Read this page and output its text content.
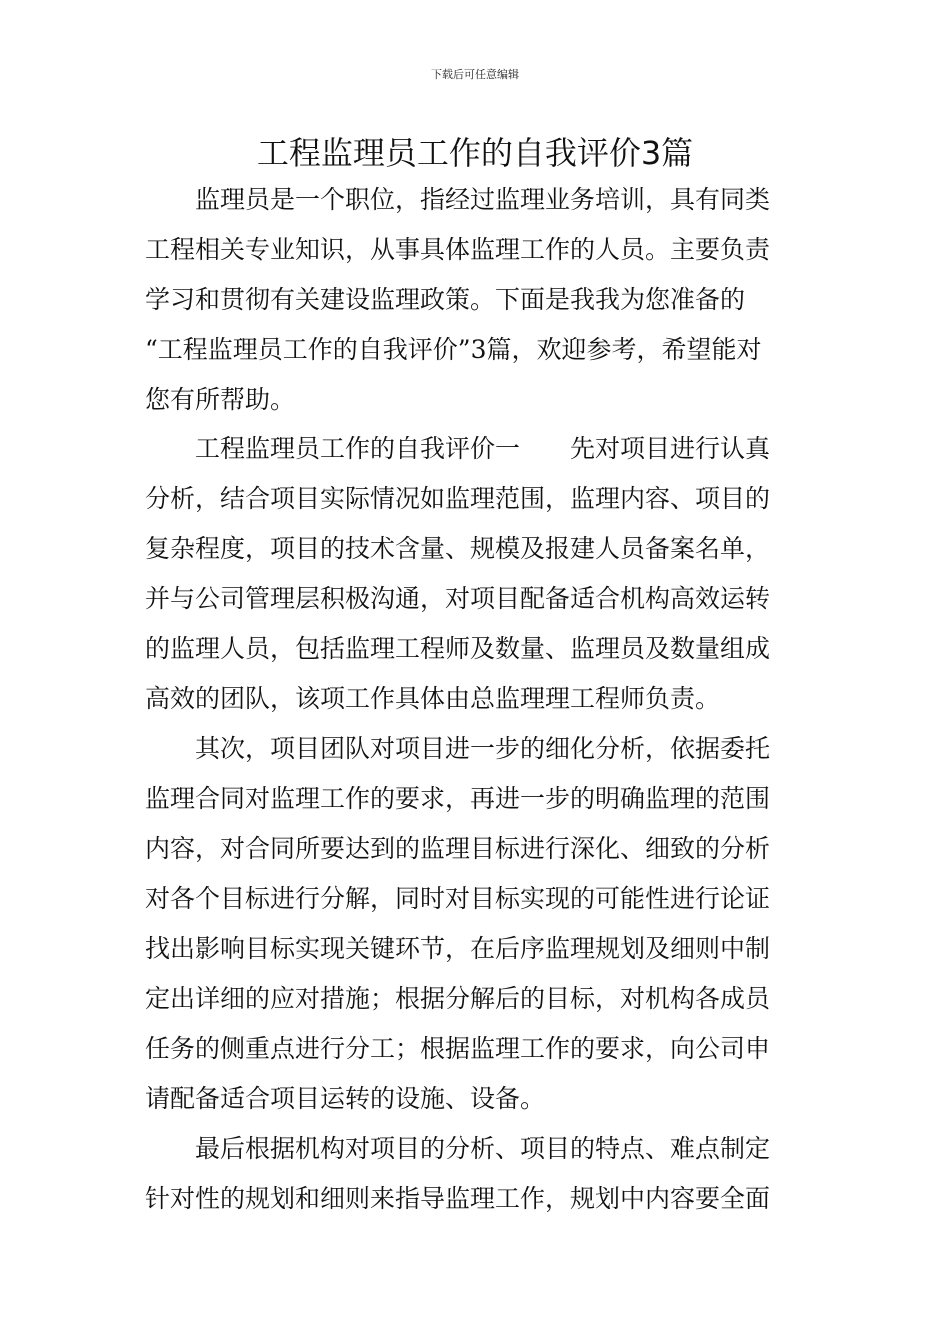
下载后可任意编辑
工程监理员工作的自我评价3篇
　　监理员是一个职位，指经过监理业务培训，具有同类
工程相关专业知识，从事具体监理工作的人员。主要负责
学习和贯彻有关建设监理政策。下面是我我为您准备的
“工程监理员工作的自我评价”3篇，欢迎参考，希望能对
您有所帮助。
　　工程监理员工作的自我评价一 先对项目进行认真
分析，结合项目实际情况如监理范围，监理内容、项目的
复杂程度，项目的技术含量、规模及报建人员备案名单，
并与公司管理层积极沟通，对项目配备适合机构高效运转
的监理人员，包括监理工程师及数量、监理员及数量组成
高效的团队，该项工作具体由总监理理工程师负责。
　　其次，项目团队对项目进一步的细化分析，依据委托
监理合同对监理工作的要求，再进一步的明确监理的范围
内容，对合同所要达到的监理目标进行深化、细致的分析
对各个目标进行分解，同时对目标实现的可能性进行论证
找出影响目标实现关键环节，在后序监理规划及细则中制
定出详细的应对措施；根据分解后的目标，对机构各成员
任务的侧重点进行分工；根据监理工作的要求，向公司申
请配备适合项目运转的设施、设备。
　　最后根据机构对项目的分析、项目的特点、难点制定
针对性的规划和细则来指导监理工作，规划中内容要全面
